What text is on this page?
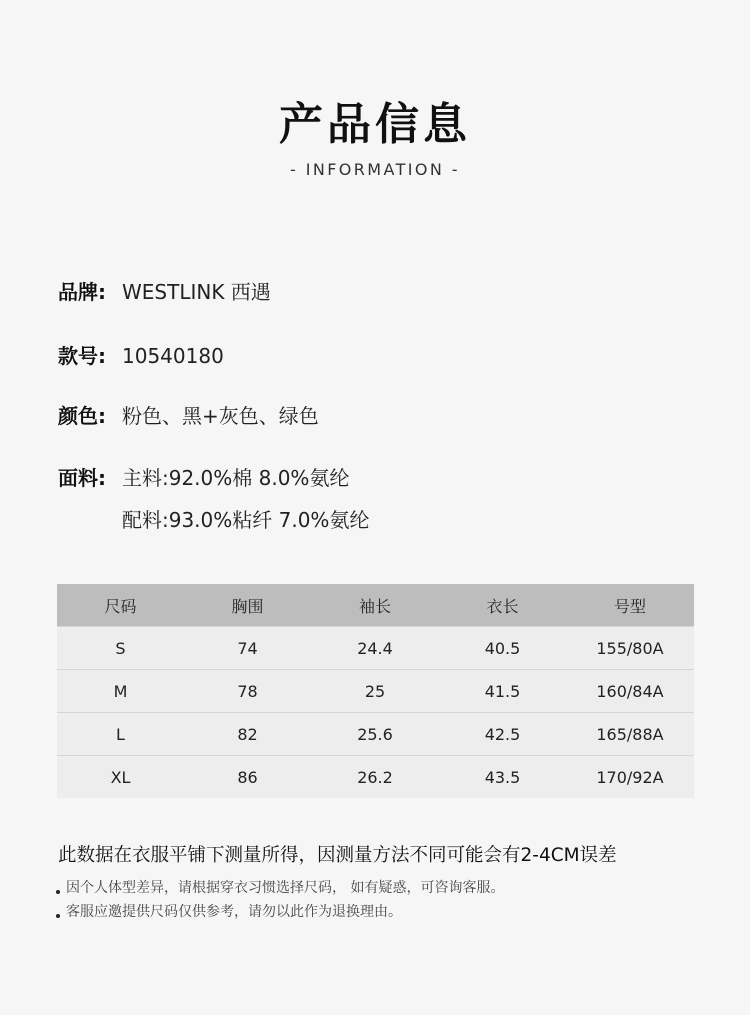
产品信息
- INFORMATION -
品牌: WESTLINK 西遇
款号: 10540180
颜色: 粉色、黑+灰色、绿色
面料: 主料:92.0%棉 8.0%氨纶
配料:93.0%粘纤 7.0%氨纶
尺码	胸围	袖长	衣长	号型
S	74	24.4	40.5	155/80A
M	78	25	41.5	160/84A
L	82	25.6	42.5	165/88A
XL	86	26.2	43.5	170/92A
此数据在衣服平铺下测量所得，因测量方法不同可能会有2-4CM误差
因个人体型差异，请根据穿衣习惯选择尺码， 如有疑惑，可咨询客服。
客服应邀提供尺码仅供参考，请勿以此作为退换理由。
